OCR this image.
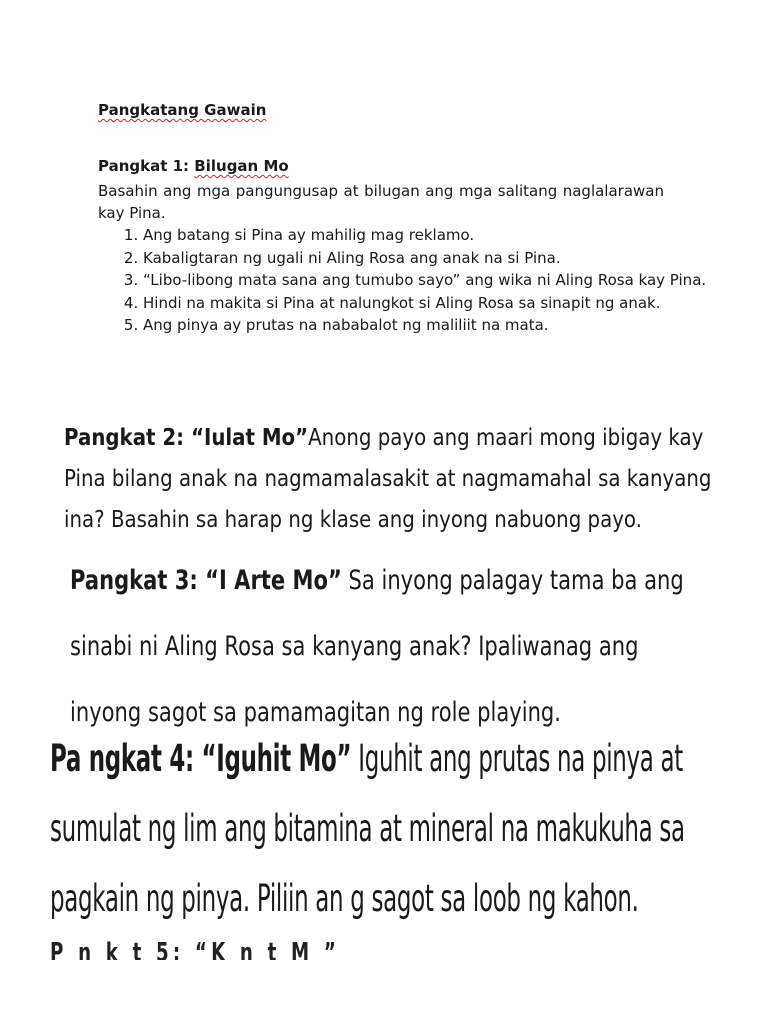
Pangkatang Gawain
Pangkat 1: Bilugan Mo
Basahin ang mga pangungusap at bilugan ang mga salitang naglalarawan kay Pina.
1. Ang batang si Pina ay mahilig mag reklamo.
2. Kabaligtaran ng ugali ni Aling Rosa ang anak na si Pina.
3. “Libo-libong mata sana ang tumubo sayo” ang wika ni Aling Rosa kay Pina.
4. Hindi na makita si Pina at nalungkot si Aling Rosa sa sinapit ng anak.
5. Ang pinya ay prutas na nababalot ng maliliit na mata.
Pangkat 2: “Iulat Mo”Anong payo ang maari mong ibigay kay Pina bilang anak na nagmamalasakit at nagmamahal sa kanyang ina? Basahin sa harap ng klase ang inyong nabuong payo.
Pangkat 3: “I Arte Mo” Sa inyong palagay tama ba ang sinabi ni Aling Rosa sa kanyang anak? Ipaliwanag ang inyong sagot sa pamamagitan ng role playing.
Pa ngkat 4: “Iguhit Mo” Iguhit ang prutas na pinya at sumulat ng lim ang bitamina at mineral na makukuha sa pagkain ng pinya. Piliin an g sagot sa loob ng kahon.
P n k t 5: “K n t M ”
